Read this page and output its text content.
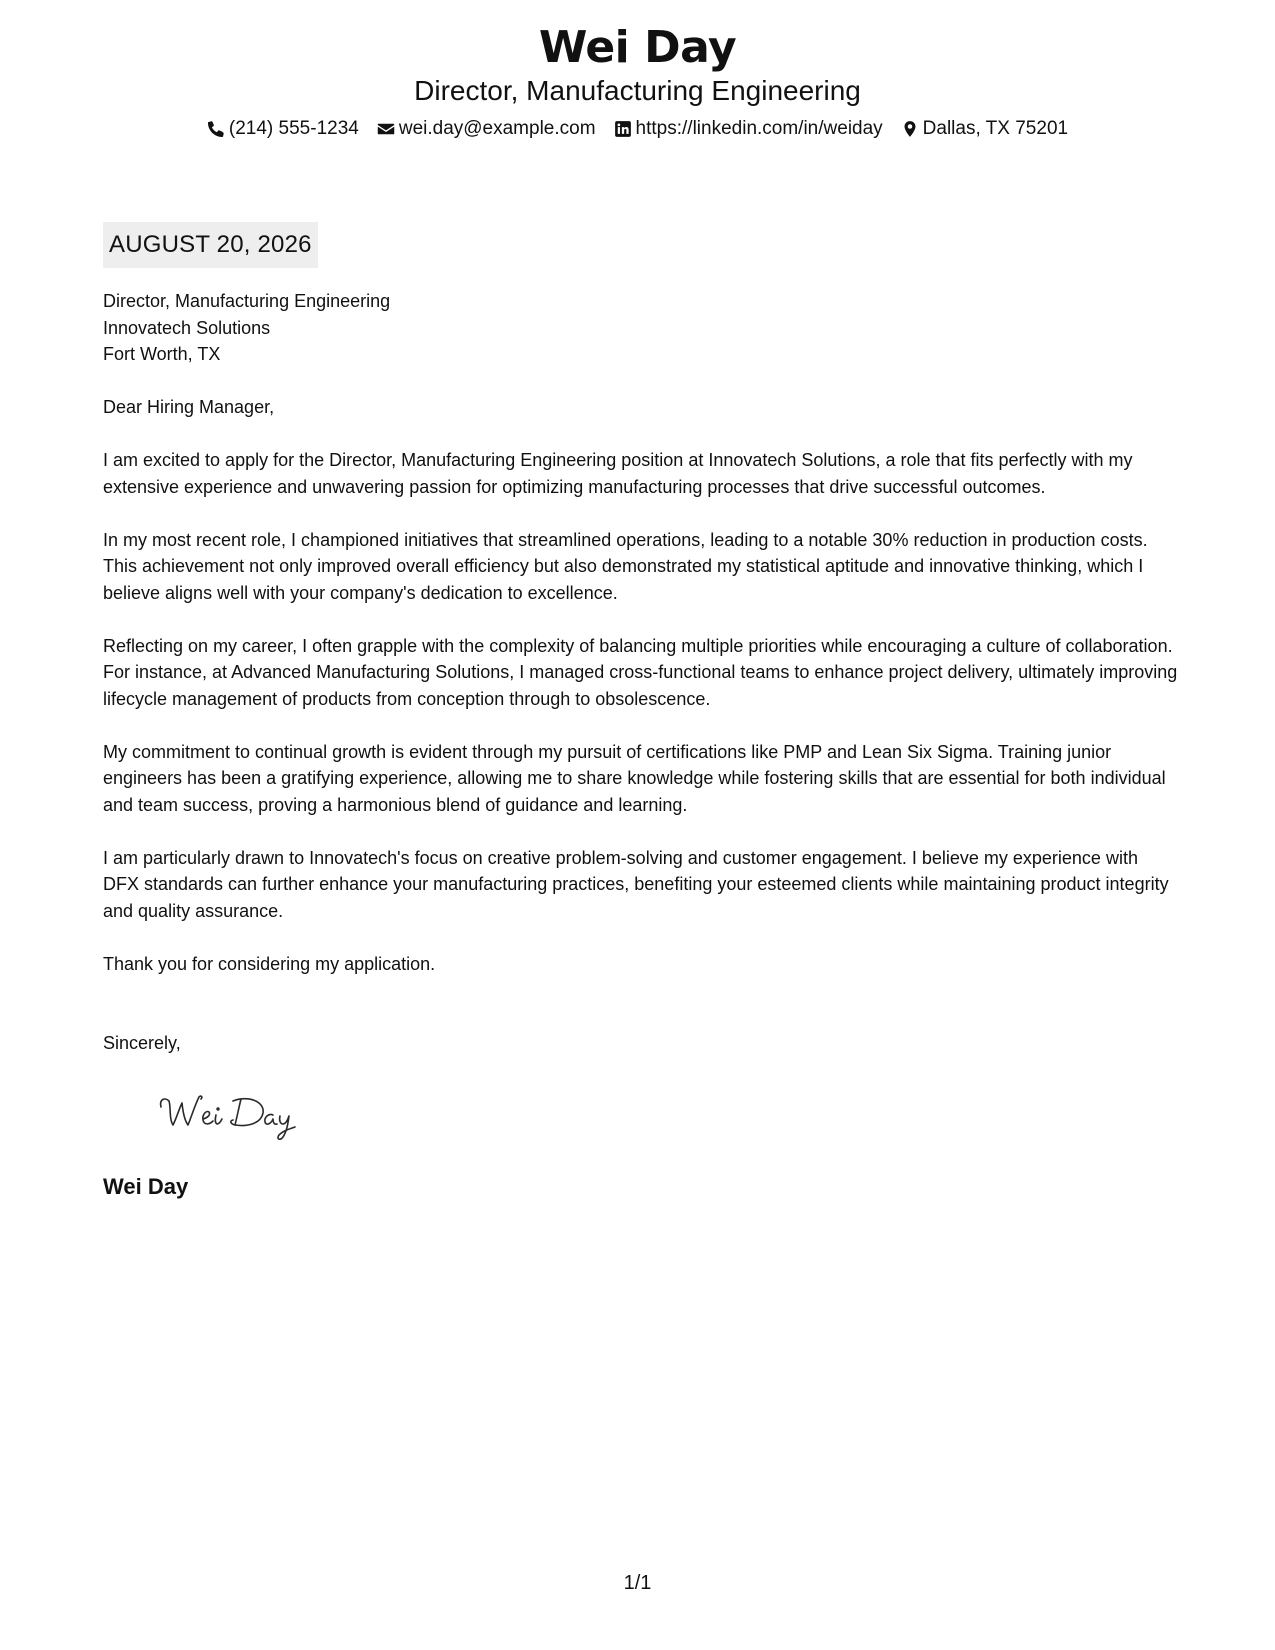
Wei Day
Director, Manufacturing Engineering
(214) 555-1234 wei.day@example.com https://linkedin.com/in/weiday Dallas, TX 75201
AUGUST 20, 2026
Director, Manufacturing Engineering
Innovatech Solutions
Fort Worth, TX

Dear Hiring Manager,

I am excited to apply for the Director, Manufacturing Engineering position at Innovatech Solutions, a role that fits perfectly with my extensive experience and unwavering passion for optimizing manufacturing processes that drive successful outcomes.

In my most recent role, I championed initiatives that streamlined operations, leading to a notable 30% reduction in production costs. This achievement not only improved overall efficiency but also demonstrated my statistical aptitude and innovative thinking, which I believe aligns well with your company's dedication to excellence.

Reflecting on my career, I often grapple with the complexity of balancing multiple priorities while encouraging a culture of collaboration. For instance, at Advanced Manufacturing Solutions, I managed cross-functional teams to enhance project delivery, ultimately improving lifecycle management of products from conception through to obsolescence.

My commitment to continual growth is evident through my pursuit of certifications like PMP and Lean Six Sigma. Training junior engineers has been a gratifying experience, allowing me to share knowledge while fostering skills that are essential for both individual and team success, proving a harmonious blend of guidance and learning.

I am particularly drawn to Innovatech's focus on creative problem-solving and customer engagement. I believe my experience with DFX standards can further enhance your manufacturing practices, benefiting your esteemed clients while maintaining product integrity and quality assurance.

Thank you for considering my application.

Sincerely,
Wei Day
1/1
